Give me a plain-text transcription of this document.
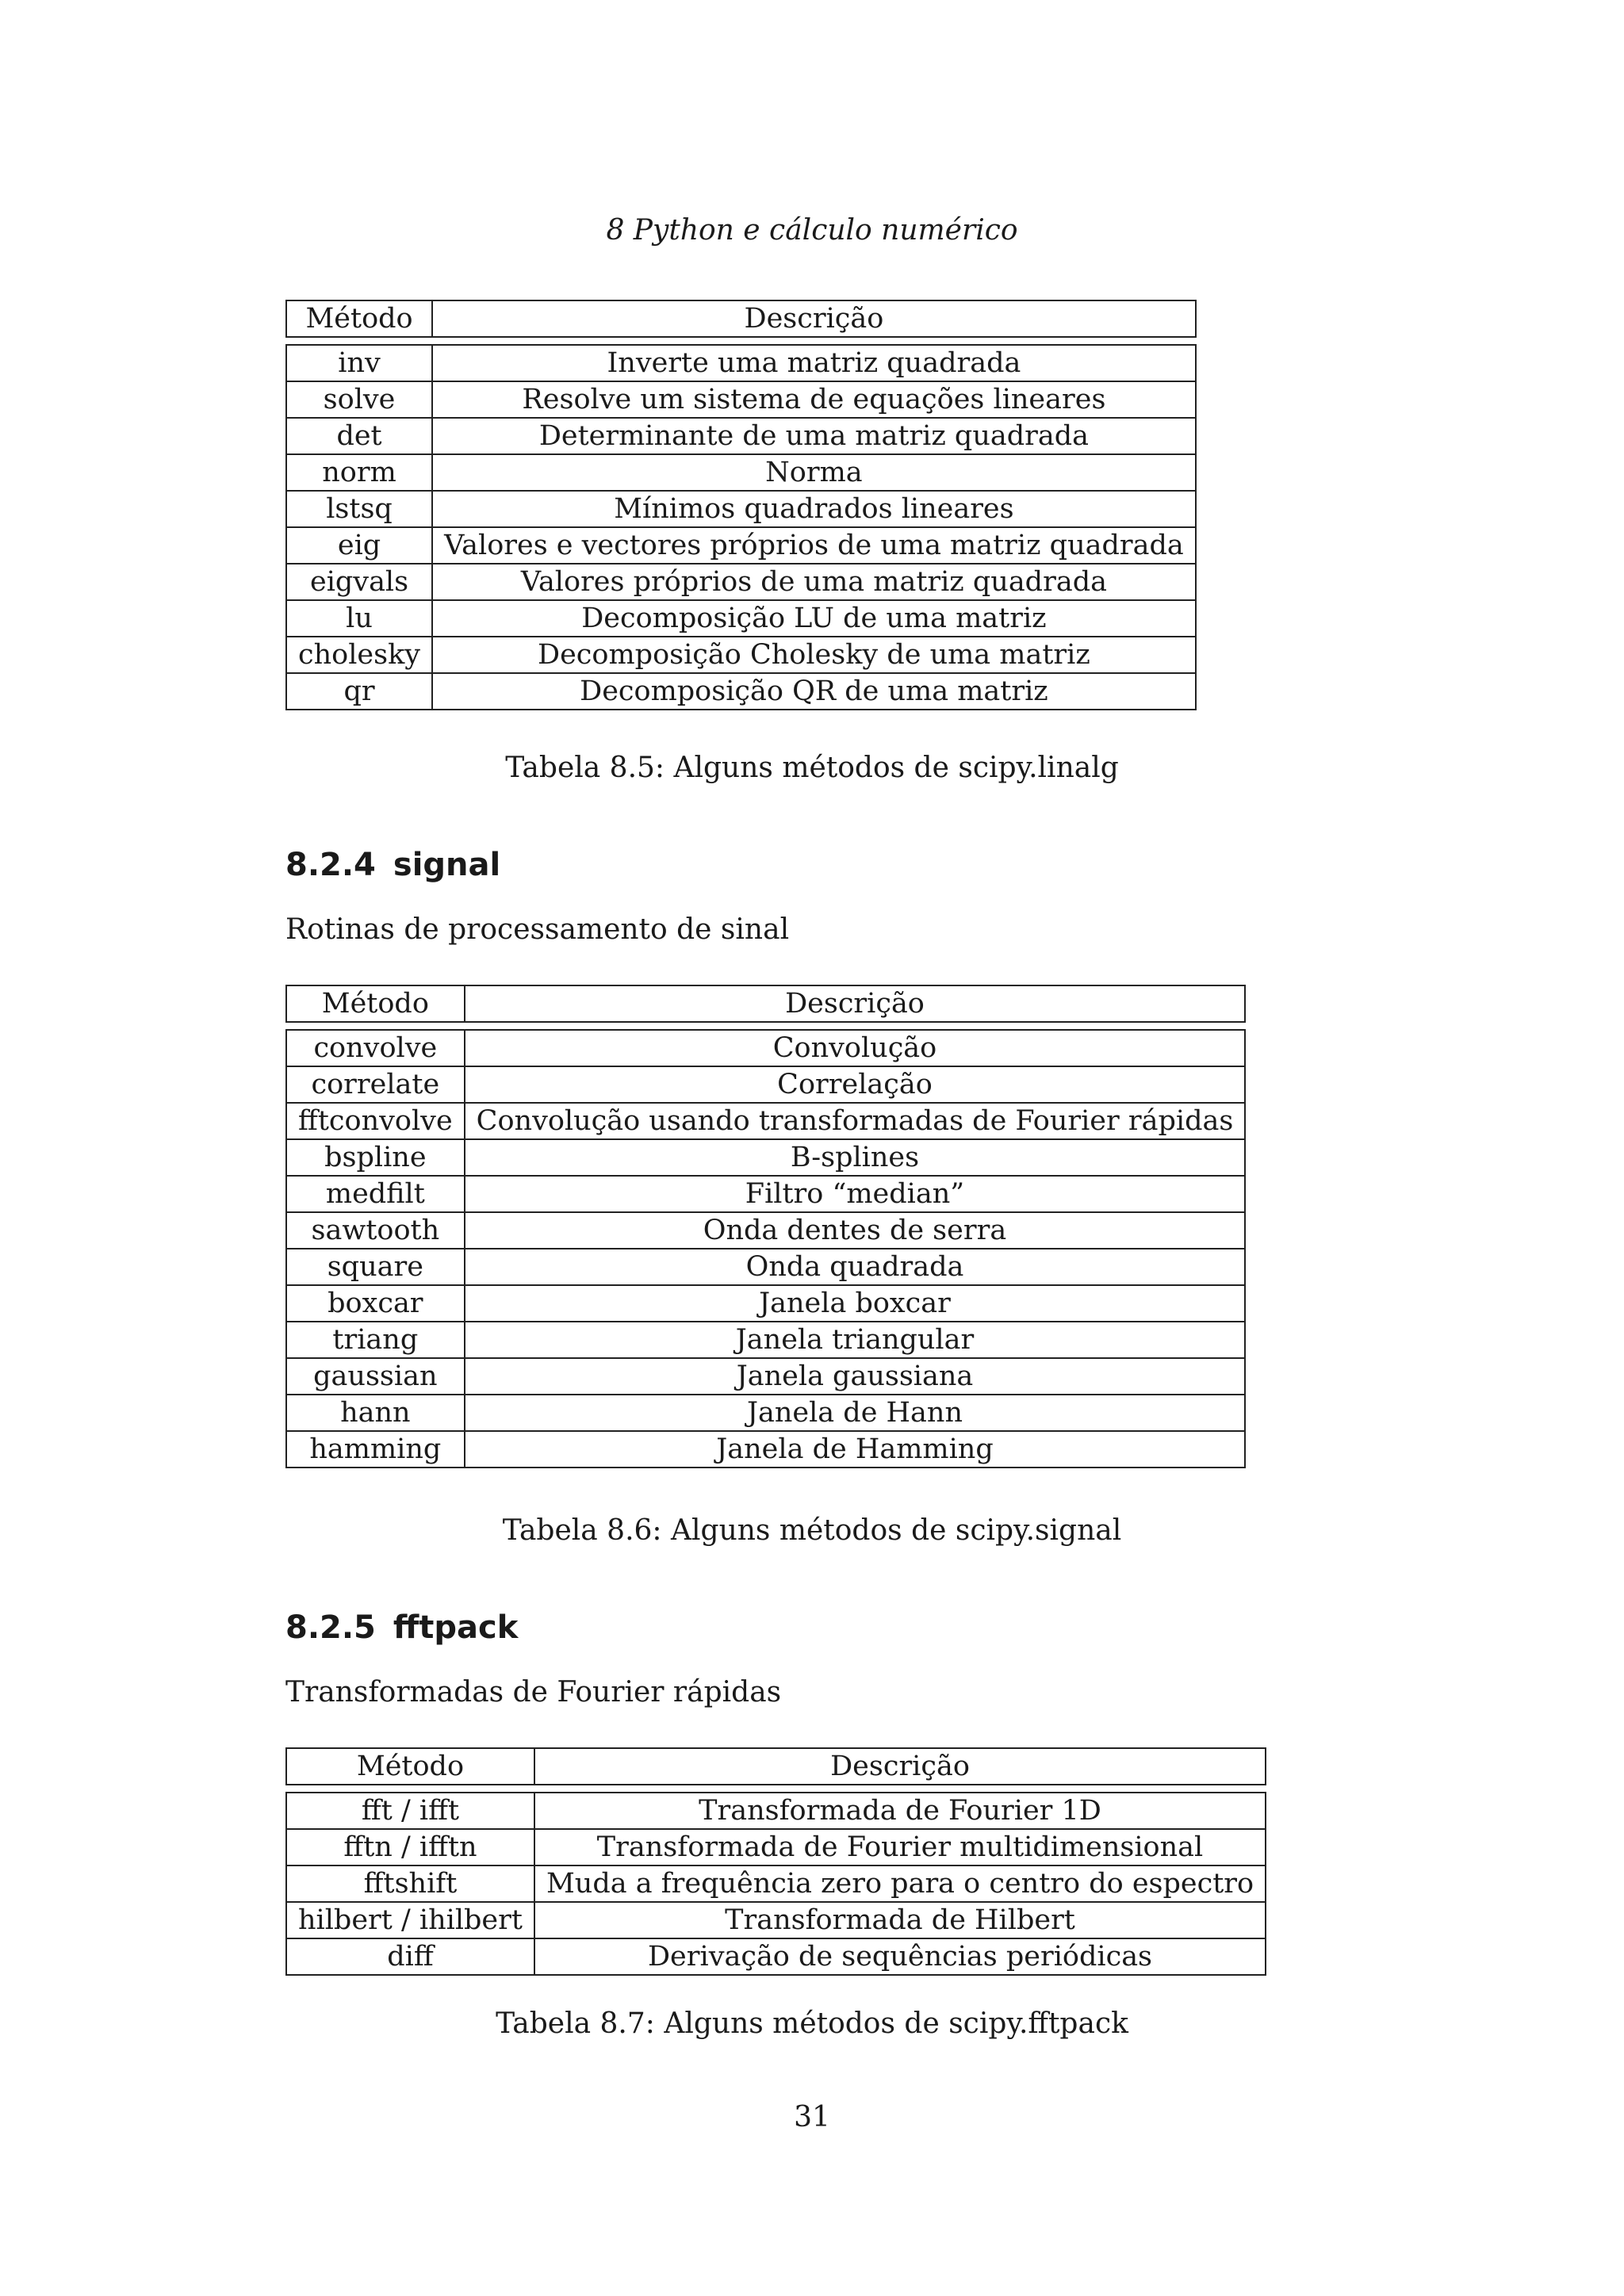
8 Python e cálculo numérico
Método	Descrição

inv	Inverte uma matriz quadrada
solve	Resolve um sistema de equações lineares
det	Determinante de uma matriz quadrada
norm	Norma
lstsq	Mínimos quadrados lineares
eig	Valores e vectores próprios de uma matriz quadrada
eigvals	Valores próprios de uma matriz quadrada
lu	Decomposição LU de uma matriz
cholesky	Decomposição Cholesky de uma matriz
qr	Decomposição QR de uma matriz
Tabela 8.5: Alguns métodos de scipy.linalg
8.2.4 signal
Rotinas de processamento de sinal
Método	Descrição

convolve	Convolução
correlate	Correlação
fftconvolve	Convolução usando transformadas de Fourier rápidas
bspline	B-splines
medfilt	Filtro “median”
sawtooth	Onda dentes de serra
square	Onda quadrada
boxcar	Janela boxcar
triang	Janela triangular
gaussian	Janela gaussiana
hann	Janela de Hann
hamming	Janela de Hamming
Tabela 8.6: Alguns métodos de scipy.signal
8.2.5 fftpack
Transformadas de Fourier rápidas
Método	Descrição

fft / ifft	Transformada de Fourier 1D
fftn / ifftn	Transformada de Fourier multidimensional
fftshift	Muda a frequência zero para o centro do espectro
hilbert / ihilbert	Transformada de Hilbert
diff	Derivação de sequências periódicas
Tabela 8.7: Alguns métodos de scipy.fftpack
31
